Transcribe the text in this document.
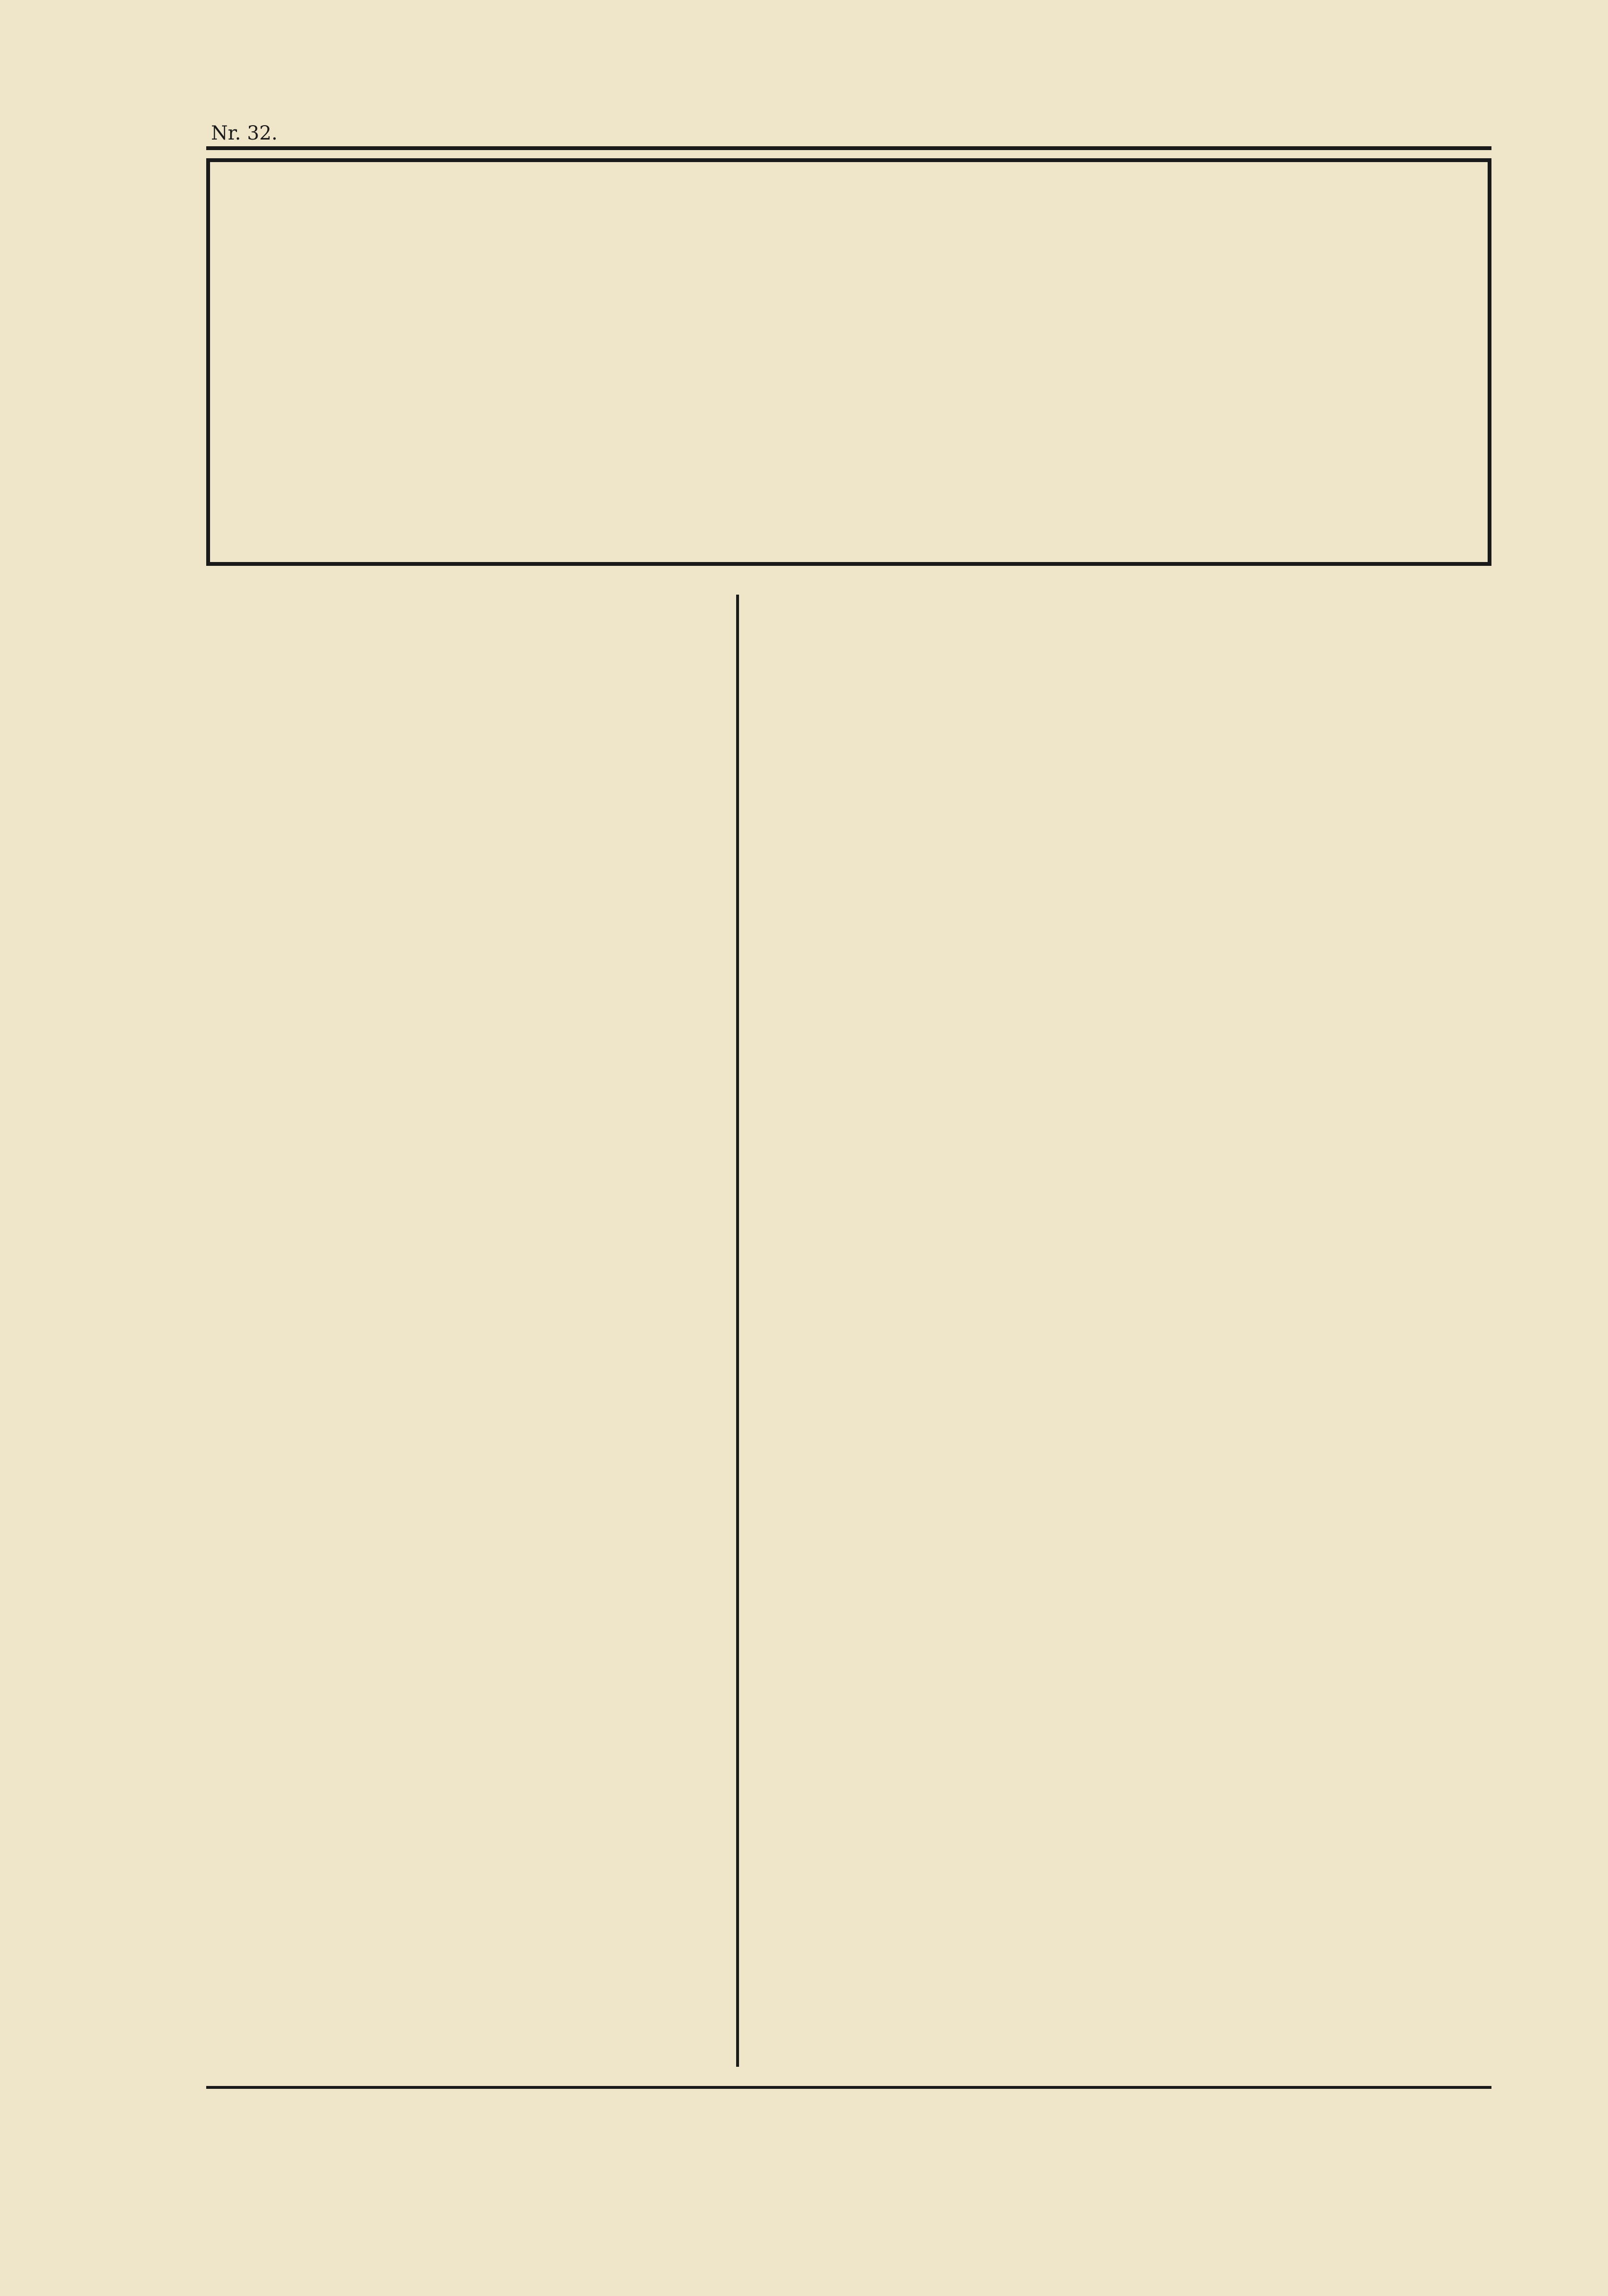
Nr. 32.
